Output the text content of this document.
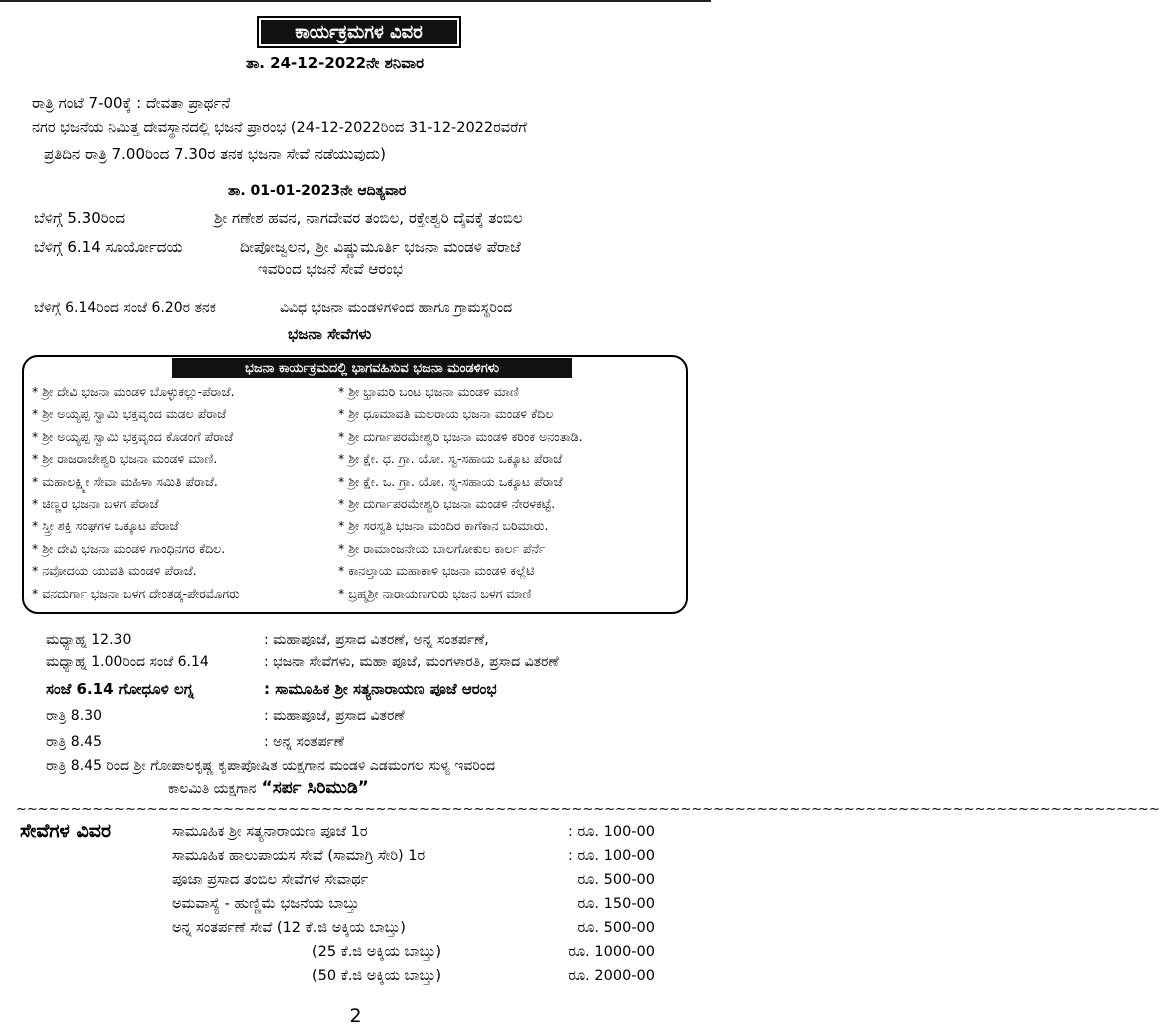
ಕಾರ್ಯಕ್ರಮಗಳ ವಿವರ
ತಾ. 24-12-2022ನೇ ಶನಿವಾರ
ರಾತ್ರಿ ಗಂಟೆ 7-00ಕ್ಕೆ : ದೇವತಾ ಪ್ರಾರ್ಥನೆ
ನಗರ ಭಜನೆಯ ನಿಮಿತ್ತ ದೇವಸ್ಥಾನದಲ್ಲಿ ಭಜನೆ ಪ್ರಾರಂಭ (24-12-2022ರಿಂದ 31-12-2022ರವರೆಗೆ
ಪ್ರತಿದಿನ ರಾತ್ರಿ 7.00ರಿಂದ 7.30ರ ತನಕ ಭಜನಾ ಸೇವೆ ನಡೆಯುವುದು)
ತಾ. 01-01-2023ನೇ ಆದಿತ್ಯವಾರ
ಬೆಳಿಗ್ಗೆ 5.30ರಿಂದ	ಶ್ರೀ ಗಣೇಶ ಹವನ, ನಾಗದೇವರ ತಂಬಿಲ, ರಕ್ತೇಶ್ವರಿ ದೈವಕ್ಕೆ ತಂಬಿಲ
ಬೆಳಿಗ್ಗೆ 6.14 ಸೂರ್ಯೋದಯ	ದೀಪೋಜ್ವಲನ, ಶ್ರೀ ವಿಷ್ಣುಮೂರ್ತಿ ಭಜನಾ ಮಂಡಳಿ ಪೆರಾಜೆ
ಇವರಿಂದ ಭಜನೆ ಸೇವೆ ಆರಂಭ
ಬೆಳಿಗ್ಗೆ 6.14ರಿಂದ ಸಂಜೆ 6.20ರ ತನಕ	ವಿವಿಧ ಭಜನಾ ಮಂಡಳಿಗಳಿಂದ ಹಾಗೂ ಗ್ರಾಮಸ್ಥರಿಂದ
ಭಜನಾ ಸೇವೆಗಳು
ಭಜನಾ ಕಾರ್ಯಕ್ರಮದಲ್ಲಿ ಭಾಗವಹಿಸುವ ಭಜನಾ ಮಂಡಳಿಗಳು
* ಶ್ರೀ ದೇವಿ ಭಜನಾ ಮಂಡಳಿ ಬೊಳ್ಳುಕಲ್ಲು-ಪೆರಾಜೆ.
* ಶ್ರೀ ಅಯ್ಯಪ್ಪ ಸ್ವಾಮಿ ಭಕ್ತವೃಂದ ಮಡಲ ಪೆರಾಜೆ
* ಶ್ರೀ ಅಯ್ಯಪ್ಪ ಸ್ವಾಮಿ ಭಕ್ತವೃಂದ ಕೊಡಂಗೆ ಪೆರಾಜೆ
* ಶ್ರೀ ರಾಜರಾಜೇಶ್ವರಿ ಭಜನಾ ಮಂಡಳಿ ಮಾಣಿ.
* ಮಹಾಲಕ್ಷ್ಮೀ ಸೇವಾ ಮಹಿಳಾ ಸಮಿತಿ ಪೆರಾಜೆ.
* ಚಿಣ್ಣರ ಭಜನಾ ಬಳಗ ಪೆರಾಜೆ
* ಸ್ತ್ರೀ ಶಕ್ತಿ ಸಂಘಗಳ ಒಕ್ಕೂಟ ಪೆರಾಜೆ
* ಶ್ರೀ ದೇವಿ ಭಜನಾ ಮಂಡಳಿ ಗಾಂಧಿನಗರ ಕೆದಿಲ.
* ನವೋದಯ ಯುವತಿ ಮಂಡಳಿ ಪೆರಾಜೆ.
* ವನದುರ್ಗಾ ಭಜನಾ ಬಳಗ ದೇಂತಡ್ಕ-ಪೇರಮೊಗರು
* ಶ್ರೀ ಭ್ರಾಮರಿ ಬಂಟ ಭಜನಾ ಮಂಡಳಿ ಮಾಣಿ
* ಶ್ರೀ ಧೂಮಾವತಿ ಮಲರಾಯ ಭಜನಾ ಮಂಡಳಿ ಕೆದಿಲ
* ಶ್ರೀ ದುರ್ಗಾಪರಮೇಶ್ವರಿ ಭಜನಾ ಮಂಡಳಿ ಕರಿಂಕ ಅನಂತಾಡಿ.
* ಶ್ರೀ ಕ್ಷೇ. ಧ. ಗ್ರಾ. ಯೋ. ಸ್ವ-ಸಹಾಯ ಒಕ್ಕೂಟ ಪೆರಾಜೆ
* ಶ್ರೀ ಕ್ಷೇ. ಒ. ಗ್ರಾ. ಯೋ. ಸ್ವ-ಸಹಾಯ ಒಕ್ಕೂಟ ಪೆರಾಜೆ
* ಶ್ರೀ ದುರ್ಗಾಪರಮೇಶ್ವರಿ ಭಜನಾ ಮಂಡಳಿ ನೇರಳಕಟ್ಟೆ.
* ಶ್ರೀ ಸರಸ್ವತಿ ಭಜನಾ ಮಂದಿರ ಕಾಗೆಕಾನ ಬರಿಮಾರು.
* ಶ್ರೀ ರಾಮಾಂಜನೇಯ ಬಾಲಗೋಕುಲ ಕಾರ್ಲ ಪೆರ್ನೆ
* ಕಾನಲ್ತಾಯ ಮಹಾಕಾಳಿ ಭಜನಾ ಮಂಡಳಿ ಕಲ್ಲೆಟಿ
* ಬ್ರಹ್ಮಶ್ರೀ ನಾರಾಯಣಗುರು ಭಜನ ಬಳಗ ಮಾಣಿ
ಮಧ್ಯಾಹ್ನ 12.30	: ಮಹಾಪೂಜೆ, ಪ್ರಸಾದ ವಿತರಣೆ, ಅನ್ನ ಸಂತರ್ಪಣೆ,
ಮಧ್ಯಾಹ್ನ 1.00ರಿಂದ ಸಂಜೆ 6.14	: ಭಜನಾ ಸೇವೆಗಳು, ಮಹಾ ಪೂಜೆ, ಮಂಗಳಾರತಿ, ಪ್ರಸಾದ ವಿತರಣೆ
ಸಂಜೆ 6.14 ಗೋಧೂಳಿ ಲಗ್ನ	: ಸಾಮೂಹಿಕ ಶ್ರೀ ಸತ್ಯನಾರಾಯಣ ಪೂಜೆ ಆರಂಭ
ರಾತ್ರಿ 8.30	: ಮಹಾಪೂಜೆ, ಪ್ರಸಾದ ವಿತರಣೆ
ರಾತ್ರಿ 8.45	: ಅನ್ನ ಸಂತರ್ಪಣೆ
ರಾತ್ರಿ 8.45 ರಿಂದ ಶ್ರೀ ಗೋಪಾಲಕೃಷ್ಣ ಕೃಪಾಪೋಷಿತ ಯಕ್ಷಗಾನ ಮಂಡಳಿ ಎಡಮಂಗಲ ಸುಳ್ಯ ಇವರಿಂದ
ಕಾಲಮಿತಿ ಯಕ್ಷಗಾನ “ಸರ್ಪ ಸಿರಿಮುಡಿ”
~~~~~~~~~~~~~~~~~~~~~~~~~~~~~~~~~~~~~~~~~~~~~~~~~~~~~~~~~~~~~~~~~~~~~~~~~~~~~~~~~~~~~~~~~~~~~~~~~~~~~~~~~
ಸೇವೆಗಳ ವಿವರ	ಸಾಮೂಹಿಕ ಶ್ರೀ ಸತ್ಯನಾರಾಯಣ ಪೂಜೆ 1ರ	: ರೂ. 100-00
ಸಾಮೂಹಿಕ ಹಾಲುಪಾಯಸ ಸೇವೆ (ಸಾಮಾಗ್ರಿ ಸೇರಿ) 1ರ	: ರೂ. 100-00
ಪೂಜಾ ಪ್ರಸಾದ ತಂಬಿಲ ಸೇವೆಗಳ ಸೇವಾರ್ಥ	ರೂ. 500-00
ಅಮವಾಸ್ಯೆ - ಹುಣ್ಣಿಮೆ ಭಜನೆಯ ಬಾಬ್ತು	ರೂ. 150-00
ಅನ್ನ ಸಂತರ್ಪಣೆ ಸೇವೆ (12 ಕೆ.ಜಿ ಅಕ್ಕಿಯ ಬಾಬ್ತು)	ರೂ. 500-00
(25 ಕೆ.ಜಿ ಅಕ್ಕಿಯ ಬಾಬ್ತು)	ರೂ. 1000-00
(50 ಕೆ.ಜಿ ಅಕ್ಕಿಯ ಬಾಬ್ತು)	ರೂ. 2000-00
2
